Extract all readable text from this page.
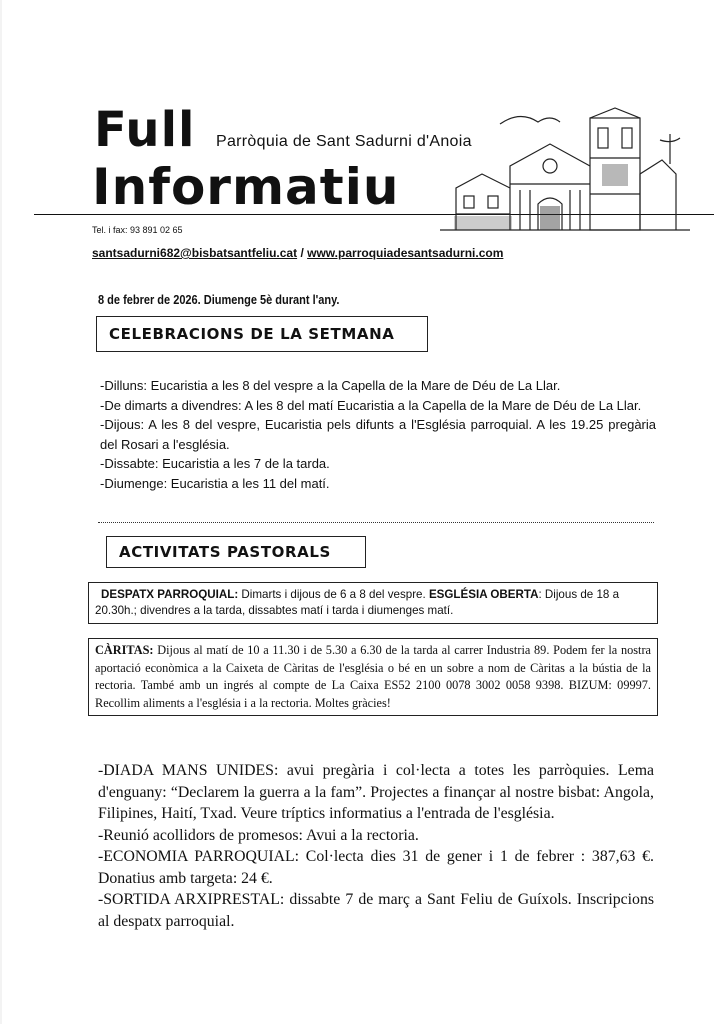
Full
Informatiu
Parròquia de Sant Sadurni d'Anoia
Tel. i fax: 93 891 02 65
santsadurni682@bisbatsantfeliu.cat / www.parroquiadesantsadurni.com
8 de febrer de 2026. Diumenge 5è durant l'any.
CELEBRACIONS DE LA SETMANA
-Dilluns: Eucaristia a les 8 del vespre a la Capella de la Mare de Déu de La Llar.
-De dimarts a divendres: A les 8 del matí Eucaristia a la Capella de la Mare de Déu de La Llar.
-Dijous: A les 8 del vespre, Eucaristia pels difunts a l'Església parroquial. A les 19.25 pregària del Rosari a l'església.
-Dissabte: Eucaristia a les 7 de la tarda.
-Diumenge: Eucaristia a les 11 del matí.
ACTIVITATS PASTORALS
DESPATX PARROQUIAL: Dimarts i dijous de 6 a 8 del vespre. ESGLÉSIA OBERTA: Dijous de 18 a 20.30h.; divendres a la tarda, dissabtes matí i tarda i diumenges matí.
CÀRITAS: Dijous al matí de 10 a 11.30 i de 5.30 a 6.30 de la tarda al carrer Industria 89. Podem fer la nostra aportació econòmica a la Caixeta de Càritas de l'església o bé en un sobre a nom de Càritas a la bústia de la rectoria. També amb un ingrés al compte de La Caixa ES52 2100 0078 3002 0058 9398. BIZUM: 09997. Recollim aliments a l'església i a la rectoria. Moltes gràcies!
-DIADA MANS UNIDES: avui pregària i col·lecta a totes les parròquies. Lema d'enguany: “Declarem la guerra a la fam”. Projectes a finançar al nostre bisbat: Angola, Filipines, Haití, Txad. Veure tríptics informatius a l'entrada de l'església.
-Reunió acollidors de promesos: Avui a la rectoria.
-ECONOMIA PARROQUIAL: Col·lecta dies 31 de gener i 1 de febrer : 387,63 €. Donatius amb targeta: 24 €.
-SORTIDA ARXIPRESTAL: dissabte 7 de març a Sant Feliu de Guíxols. Inscripcions al despatx parroquial.
